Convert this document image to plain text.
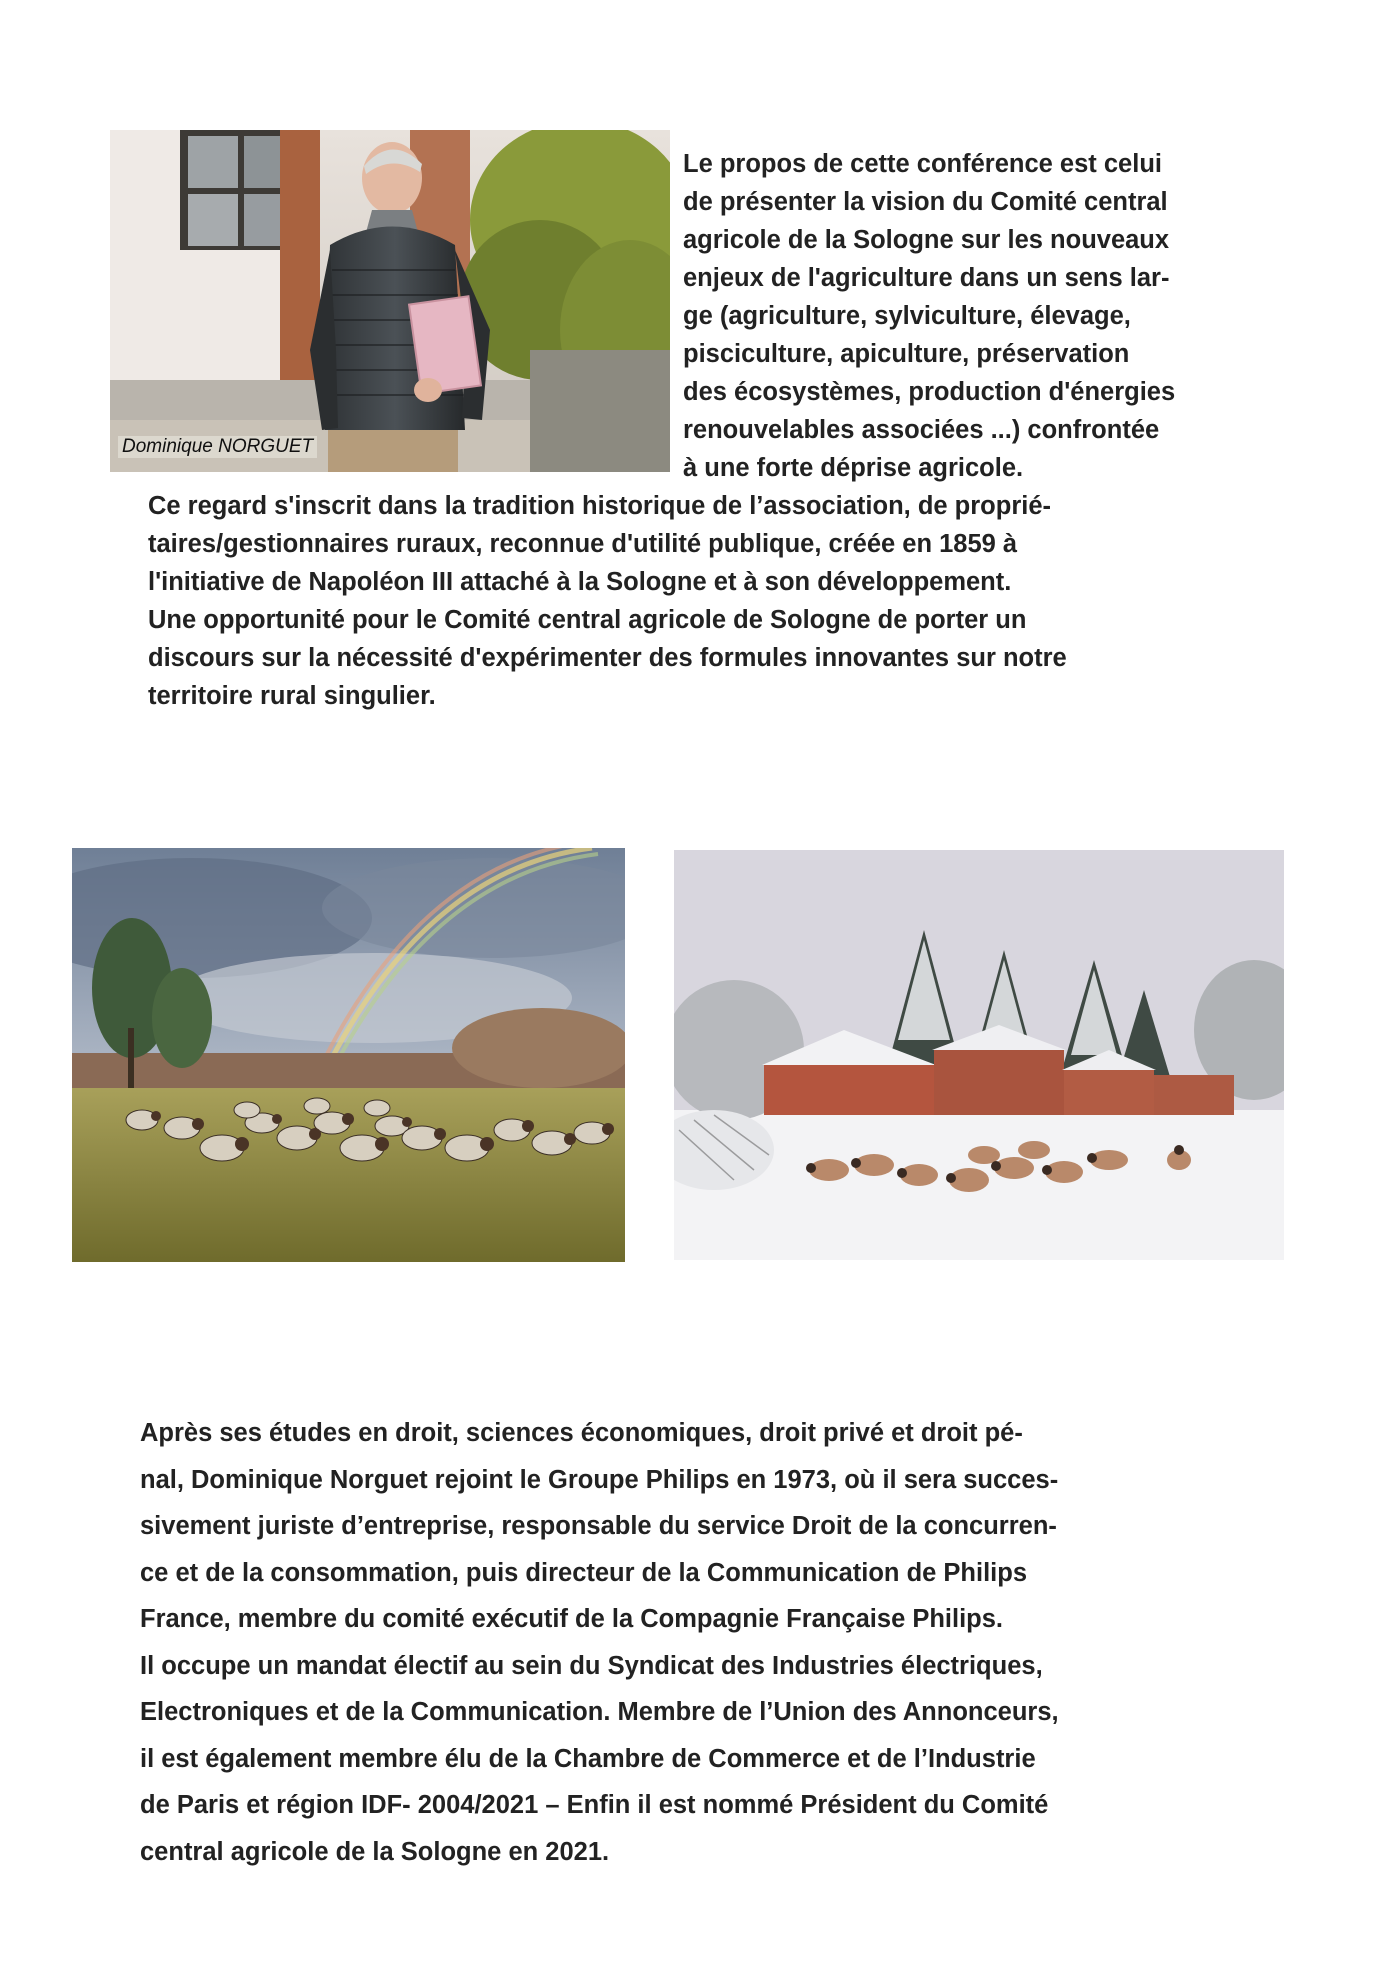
Dominique NORGUET

Le propos de cette conférence est celui

de présenter la vision du Comité central

agricole de la Sologne sur les nouveaux

enjeux de l'agriculture dans un sens lar-

ge (agriculture, sylviculture, élevage,

pisciculture, apiculture, préservation

des écosystèmes, production d'énergies

renouvelables associées ...) confrontée

à une forte déprise agricole.

Ce regard s'inscrit dans la tradition historique de l’association, de proprié-

taires/gestionnaires ruraux, reconnue d'utilité publique, créée en 1859 à

l'initiative de Napoléon III attaché à la Sologne et à son développement.

Une opportunité pour le Comité central agricole de Sologne de porter un

discours sur la nécessité d'expérimenter des formules innovantes sur notre

territoire rural singulier.

Après ses études en droit, sciences économiques, droit privé et droit pé-

nal, Dominique Norguet rejoint le Groupe Philips en 1973, où il sera succes-

sivement juriste d’entreprise, responsable du service Droit de la concurren-

ce et de la consommation, puis directeur de la Communication de Philips

France, membre du comité exécutif de la Compagnie Française Philips.

Il occupe un mandat électif au sein du Syndicat des Industries électriques,

Electroniques et de la Communication. Membre de l’Union des Annonceurs,

il est également membre élu de la Chambre de Commerce et de l’Industrie

de Paris et région IDF- 2004/2021 – Enfin il est nommé Président du Comité

central agricole de la Sologne en 2021.
